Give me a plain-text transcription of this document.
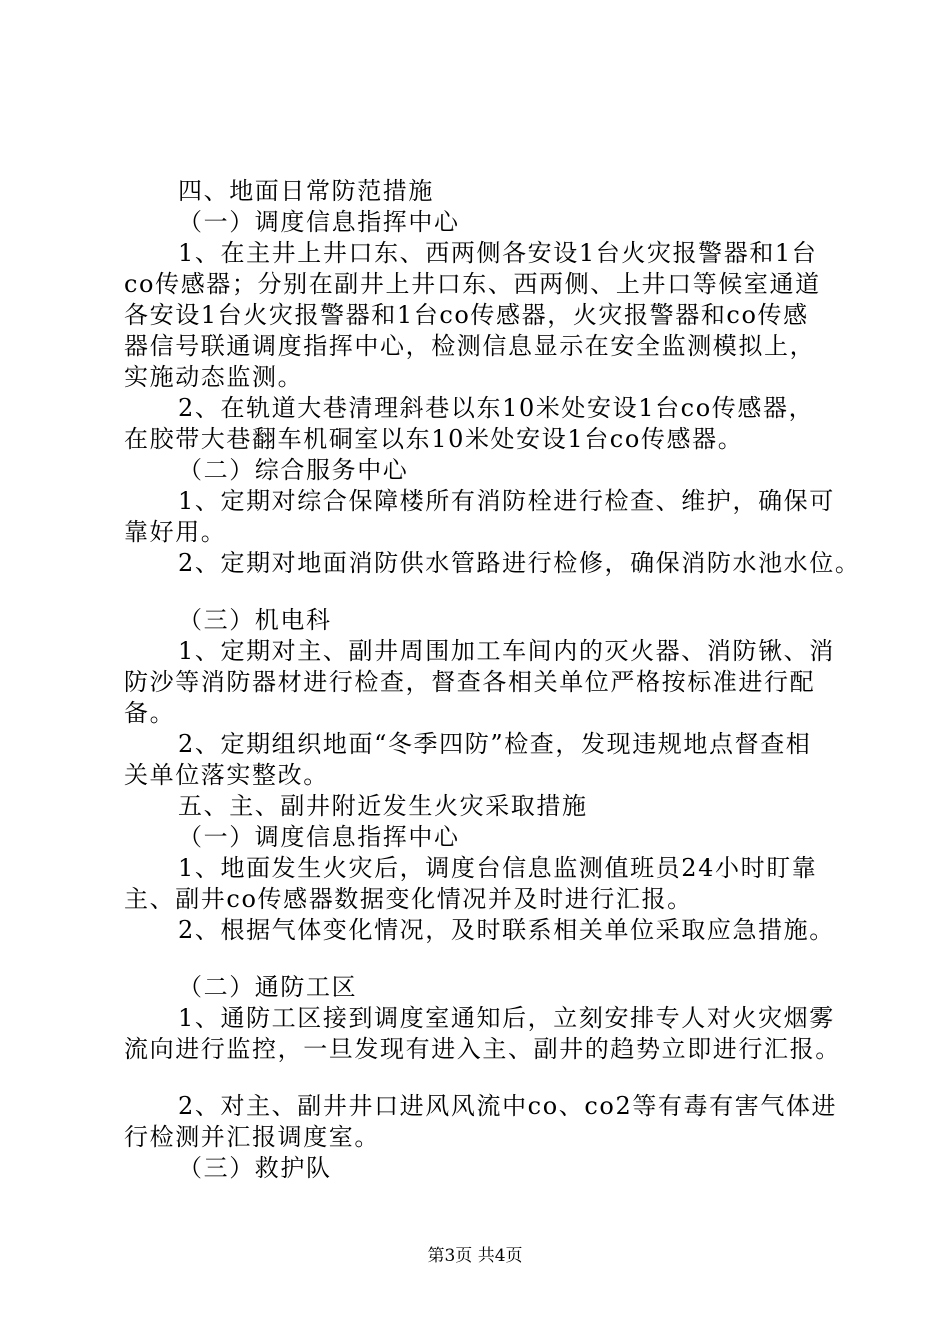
四、地面日常防范措施
（一）调度信息指挥中心
1、在主井上井口东、西两侧各安设1台火灾报警器和1台
co传感器；分别在副井上井口东、西两侧、上井口等候室通道
各安设1台火灾报警器和1台co传感器，火灾报警器和co传感
器信号联通调度指挥中心，检测信息显示在安全监测模拟上，
实施动态监测。
2、在轨道大巷清理斜巷以东10米处安设1台co传感器，
在胶带大巷翻车机硐室以东10米处安设1台co传感器。
（二）综合服务中心
1、定期对综合保障楼所有消防栓进行检查、维护，确保可
靠好用。
2、定期对地面消防供水管路进行检修，确保消防水池水位。
（三）机电科
1、定期对主、副井周围加工车间内的灭火器、消防锹、消
防沙等消防器材进行检查，督查各相关单位严格按标准进行配
备。
2、定期组织地面“冬季四防”检查，发现违规地点督查相
关单位落实整改。
五、主、副井附近发生火灾采取措施
（一）调度信息指挥中心
1、地面发生火灾后，调度台信息监测值班员24小时盯靠
主、副井co传感器数据变化情况并及时进行汇报。
2、根据气体变化情况，及时联系相关单位采取应急措施。
（二）通防工区
1、通防工区接到调度室通知后，立刻安排专人对火灾烟雾
流向进行监控，一旦发现有进入主、副井的趋势立即进行汇报。
2、对主、副井井口进风风流中co、co2等有毒有害气体进
行检测并汇报调度室。
（三）救护队
第3页 共4页
